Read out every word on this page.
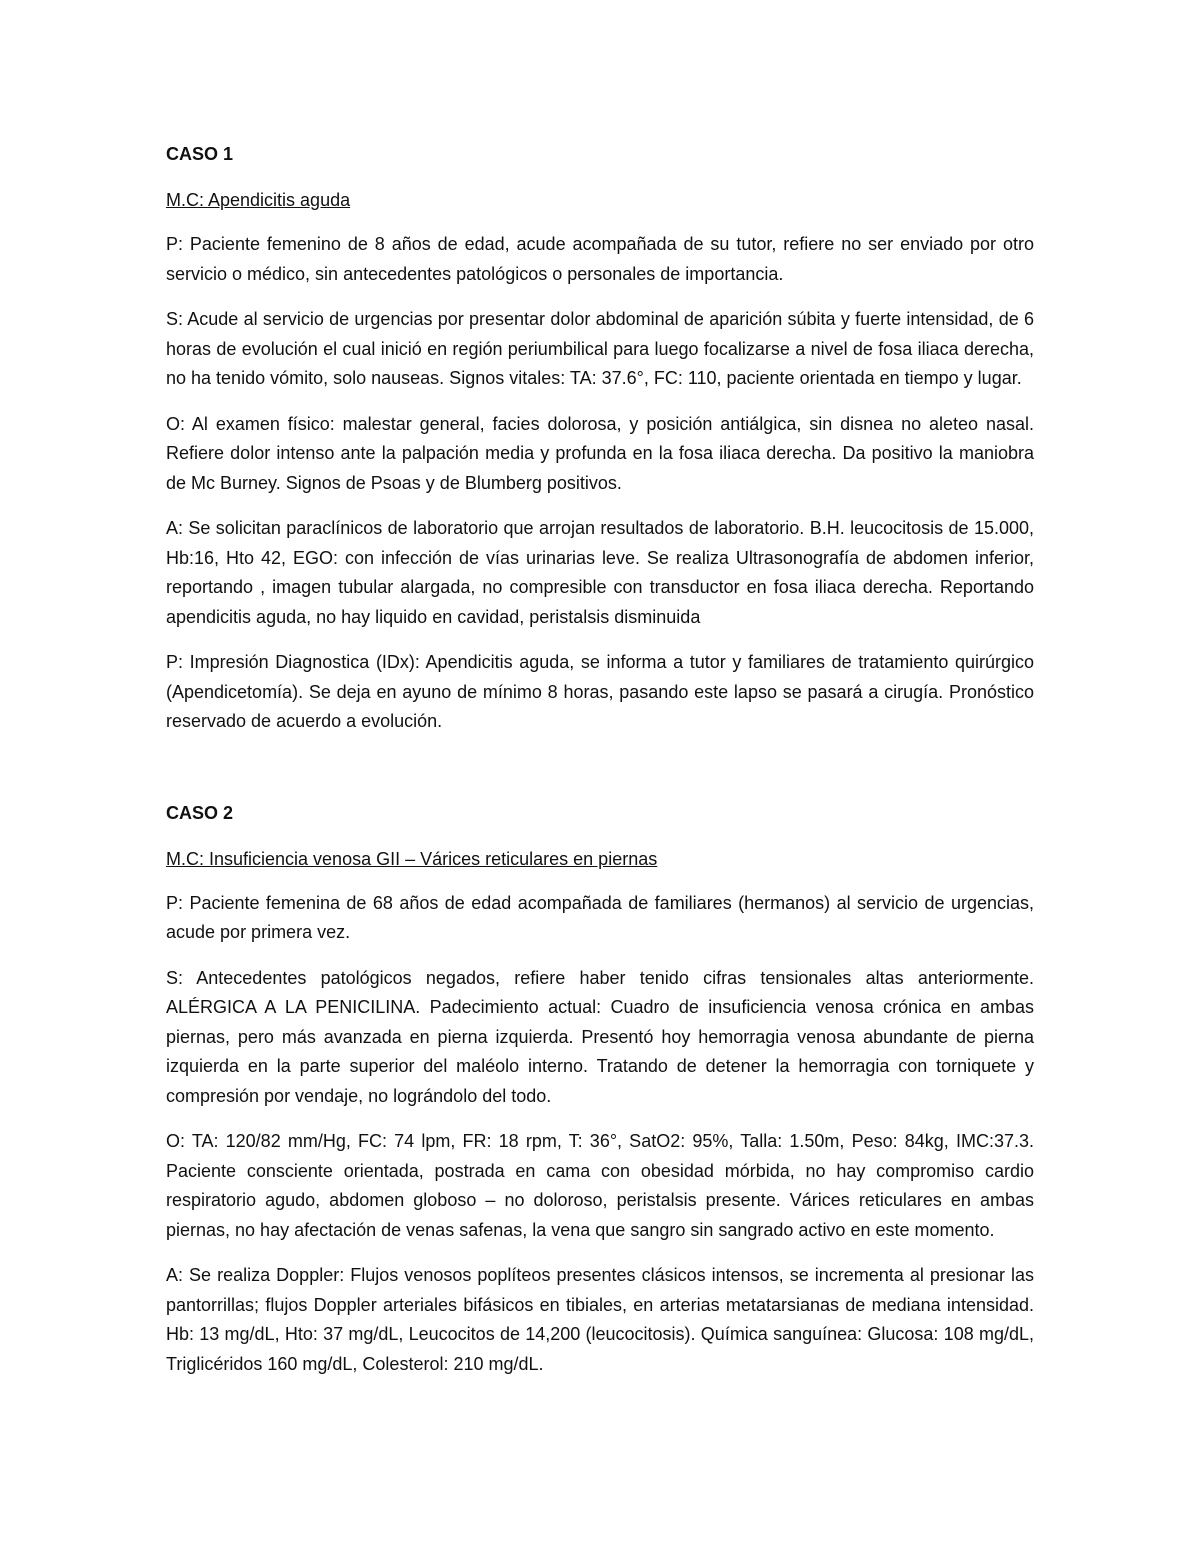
CASO 1

M.C: Apendicitis aguda

P: Paciente femenino de 8 años de edad, acude acompañada de su tutor, refiere no ser enviado por otro servicio o médico, sin antecedentes patológicos o personales de importancia.

S: Acude al servicio de urgencias por presentar dolor abdominal de aparición súbita y fuerte intensidad, de 6 horas de evolución el cual inició en región periumbilical para luego focalizarse a nivel de fosa iliaca derecha, no ha tenido vómito, solo nauseas. Signos vitales: TA: 37.6°, FC: 110, paciente orientada en tiempo y lugar.

O: Al examen físico: malestar general, facies dolorosa, y posición antiálgica, sin disnea no aleteo nasal. Refiere dolor intenso ante la palpación media y profunda en la fosa iliaca derecha. Da positivo la maniobra de Mc Burney. Signos de Psoas y de Blumberg positivos.

A: Se solicitan paraclínicos de laboratorio que arrojan resultados de laboratorio. B.H. leucocitosis de 15.000, Hb:16, Hto 42, EGO: con infección de vías urinarias leve. Se realiza Ultrasonografía de abdomen inferior, reportando , imagen tubular alargada, no compresible con transductor en fosa iliaca derecha. Reportando apendicitis aguda, no hay liquido en cavidad, peristalsis disminuida

P: Impresión Diagnostica (IDx): Apendicitis aguda, se informa a tutor y familiares de tratamiento quirúrgico (Apendicetomía). Se deja en ayuno de mínimo 8 horas, pasando este lapso se pasará a cirugía. Pronóstico reservado de acuerdo a evolución.

CASO 2

M.C: Insuficiencia venosa GII – Várices reticulares en piernas

P: Paciente femenina de 68 años de edad acompañada de familiares (hermanos) al servicio de urgencias, acude por primera vez.

S: Antecedentes patológicos negados, refiere haber tenido cifras tensionales altas anteriormente. ALÉRGICA A LA PENICILINA. Padecimiento actual: Cuadro de insuficiencia venosa crónica en ambas piernas, pero más avanzada en pierna izquierda. Presentó hoy hemorragia venosa abundante de pierna izquierda en la parte superior del maléolo interno. Tratando de detener la hemorragia con torniquete y compresión por vendaje, no lográndolo del todo.

O: TA: 120/82 mm/Hg, FC: 74 lpm, FR: 18 rpm, T: 36°, SatO2: 95%, Talla: 1.50m, Peso: 84kg, IMC:37.3. Paciente consciente orientada, postrada en cama con obesidad mórbida, no hay compromiso cardio respiratorio agudo, abdomen globoso – no doloroso, peristalsis presente. Várices reticulares en ambas piernas, no hay afectación de venas safenas, la vena que sangro sin sangrado activo en este momento.

A: Se realiza Doppler: Flujos venosos poplíteos presentes clásicos intensos, se incrementa al presionar las pantorrillas; flujos Doppler arteriales bifásicos en tibiales, en arterias metatarsianas de mediana intensidad. Hb: 13 mg/dL, Hto: 37 mg/dL, Leucocitos de 14,200 (leucocitosis). Química sanguínea: Glucosa: 108 mg/dL, Triglicéridos 160 mg/dL, Colesterol: 210 mg/dL.
